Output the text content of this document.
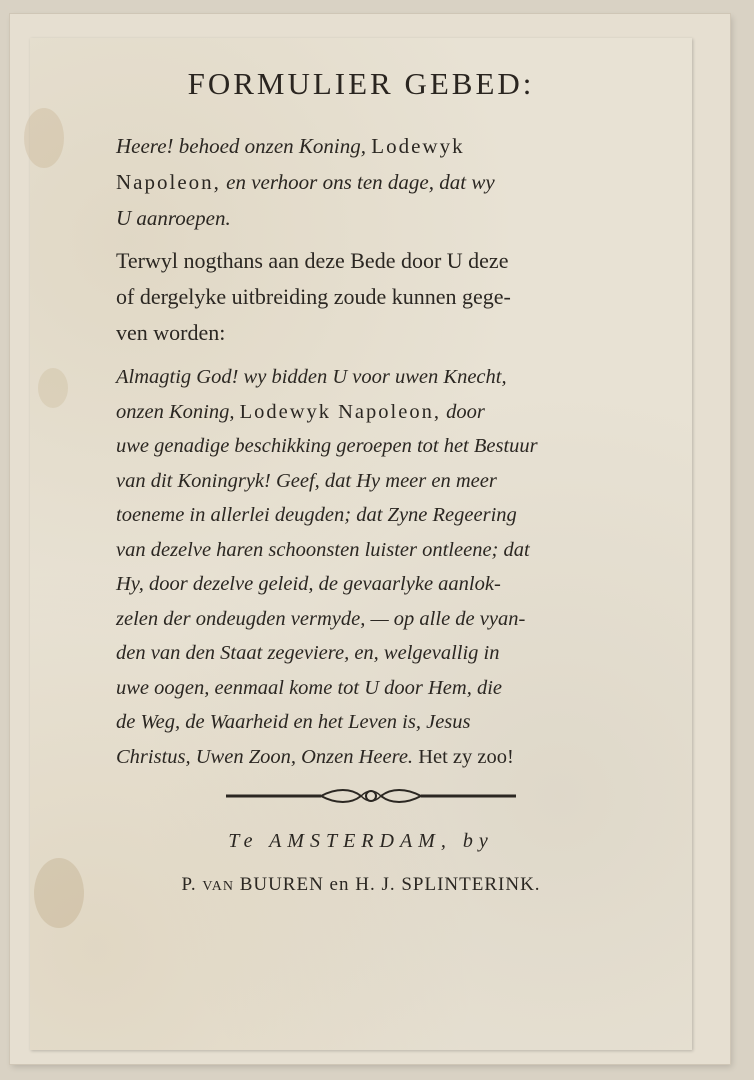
FORMULIER GEBED:
Heere! behoed onzen Koning, Lodewyk
Napoleon, en verhoor ons ten dage, dat wy
U aanroepen.
Terwyl nogthans aan deze Bede door U deze
of dergelyke uitbreiding zoude kunnen gege-
ven worden:
Almagtig God! wy bidden U voor uwen Knecht,
onzen Koning, Lodewyk Napoleon, door
uwe genadige beschikking geroepen tot het Bestuur
van dit Koningryk! Geef, dat Hy meer en meer
toeneme in allerlei deugden; dat Zyne Regeering
van dezelve haren schoonsten luister ontleene; dat
Hy, door dezelve geleid, de gevaarlyke aanlok-
zelen der ondeugden vermyde, — op alle de vyan-
den van den Staat zegeviere, en, welgevallig in
uwe oogen, eenmaal kome tot U door Hem, die
de Weg, de Waarheid en het Leven is, Jesus
Christus, Uwen Zoon, Onzen Heere. Het zy zoo!
Te AMSTERDAM, by
P. VAN BUUREN en H. J. SPLINTERINK.
